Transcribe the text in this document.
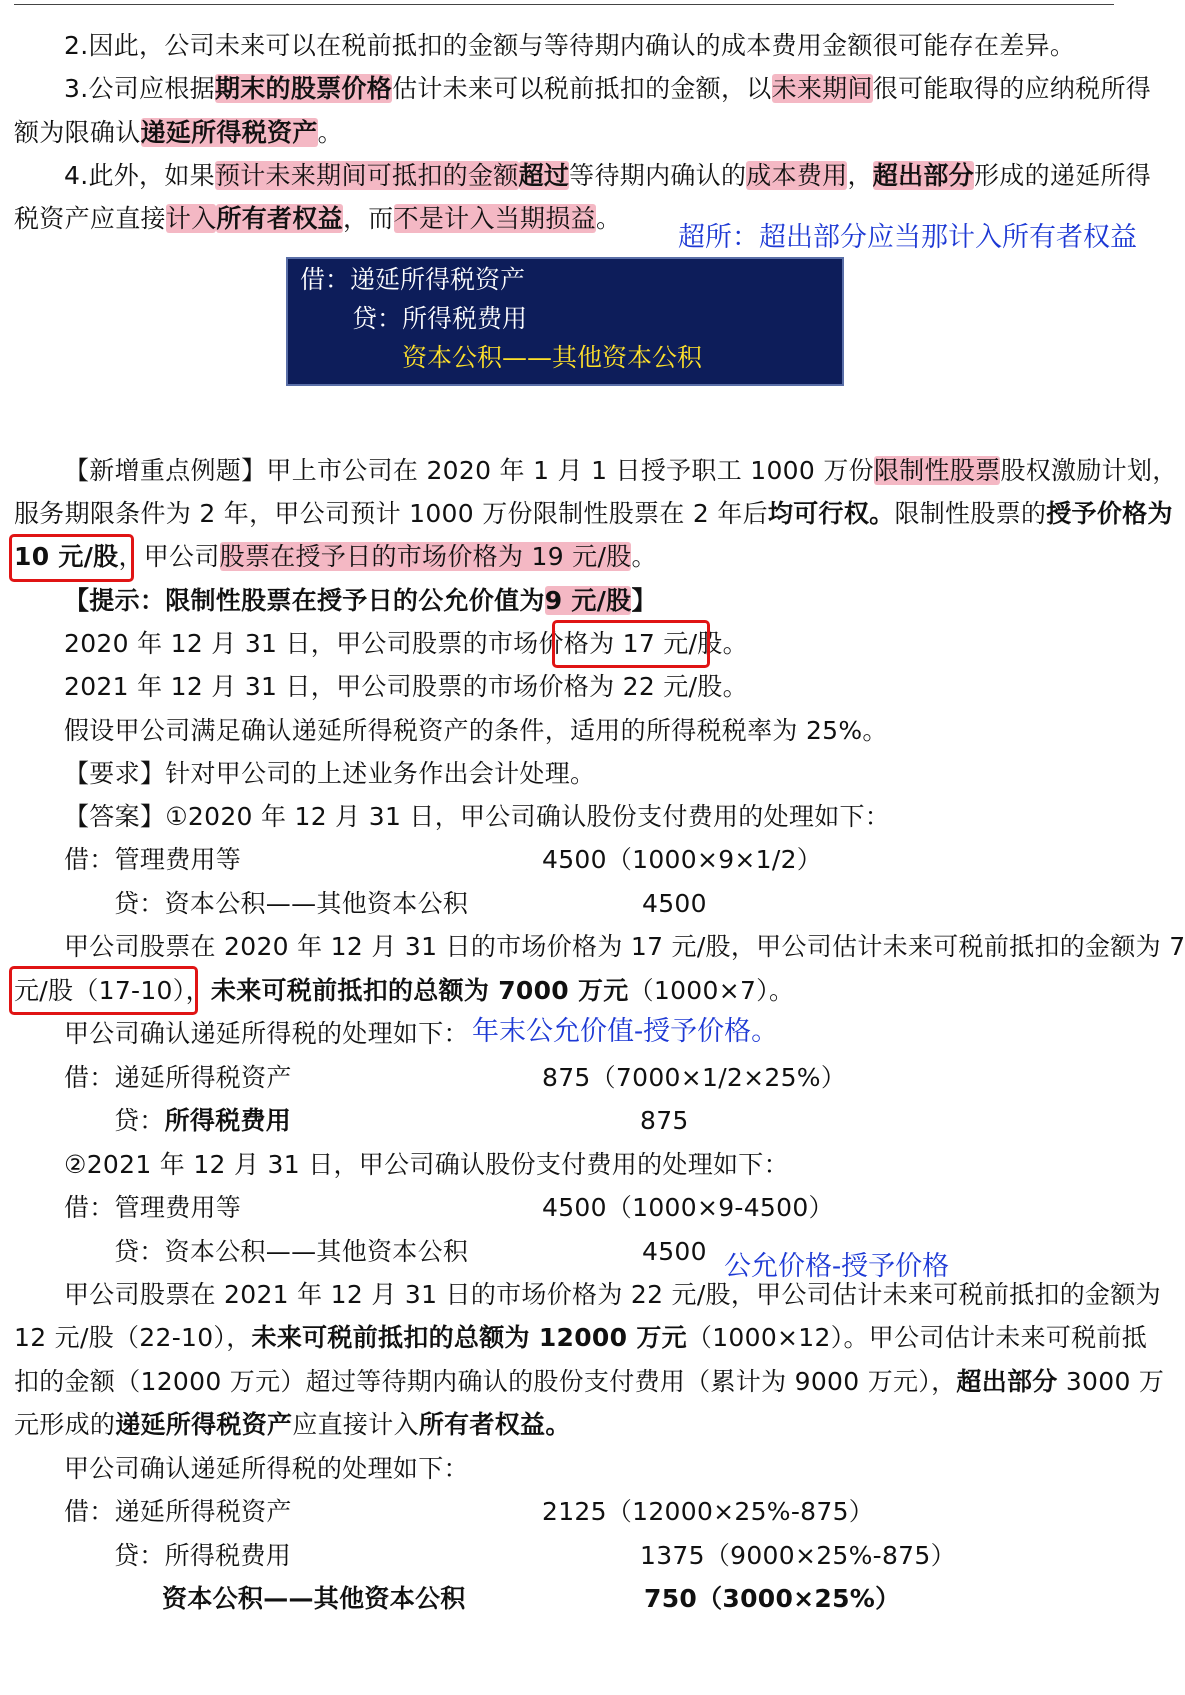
2.因此，公司未来可以在税前抵扣的金额与等待期内确认的成本费用金额很可能存在差异。
3.公司应根据期末的股票价格估计未来可以税前抵扣的金额，以未来期间很可能取得的应纳税所得
额为限确认递延所得税资产。
4.此外，如果预计未来期间可抵扣的金额超过等待期内确认的成本费用，超出部分形成的递延所得
税资产应直接计入所有者权益，而不是计入当期损益。
超所：超出部分应当那计入所有者权益
借：递延所得税资产
贷：所得税费用
资本公积——其他资本公积
【新增重点例题】甲上市公司在 2020 年 1 月 1 日授予职工 1000 万份限制性股票股权激励计划，
服务期限条件为 2 年，甲公司预计 1000 万份限制性股票在 2 年后均可行权。限制性股票的授予价格为
10 元/股，甲公司股票在授予日的市场价格为 19 元/股。
【提示：限制性股票在授予日的公允价值为9 元/股】
2020 年 12 月 31 日，甲公司股票的市场价格为 17 元/股。
2021 年 12 月 31 日，甲公司股票的市场价格为 22 元/股。
假设甲公司满足确认递延所得税资产的条件，适用的所得税税率为 25%。
【要求】针对甲公司的上述业务作出会计处理。
【答案】①2020 年 12 月 31 日，甲公司确认股份支付费用的处理如下：
借：管理费用等	4500（1000×9×1/2）
贷：资本公积——其他资本公积	4500
甲公司股票在 2020 年 12 月 31 日的市场价格为 17 元/股，甲公司估计未来可税前抵扣的金额为 7
元/股（17-10），未来可税前抵扣的总额为 7000 万元（1000×7）。
甲公司确认递延所得税的处理如下： 年末公允价值-授予价格。
借：递延所得税资产	875（7000×1/2×25%）
贷：所得税费用	875
②2021 年 12 月 31 日，甲公司确认股份支付费用的处理如下：
借：管理费用等	4500（1000×9-4500）
贷：资本公积——其他资本公积	4500 公允价格-授予价格
甲公司股票在 2021 年 12 月 31 日的市场价格为 22 元/股，甲公司估计未来可税前抵扣的金额为
12 元/股（22-10），未来可税前抵扣的总额为 12000 万元（1000×12）。甲公司估计未来可税前抵
扣的金额（12000 万元）超过等待期内确认的股份支付费用（累计为 9000 万元），超出部分 3000 万
元形成的递延所得税资产应直接计入所有者权益。
甲公司确认递延所得税的处理如下：
借：递延所得税资产	2125（12000×25%-875）
贷：所得税费用	1375（9000×25%-875）
资本公积——其他资本公积	750（3000×25%）
